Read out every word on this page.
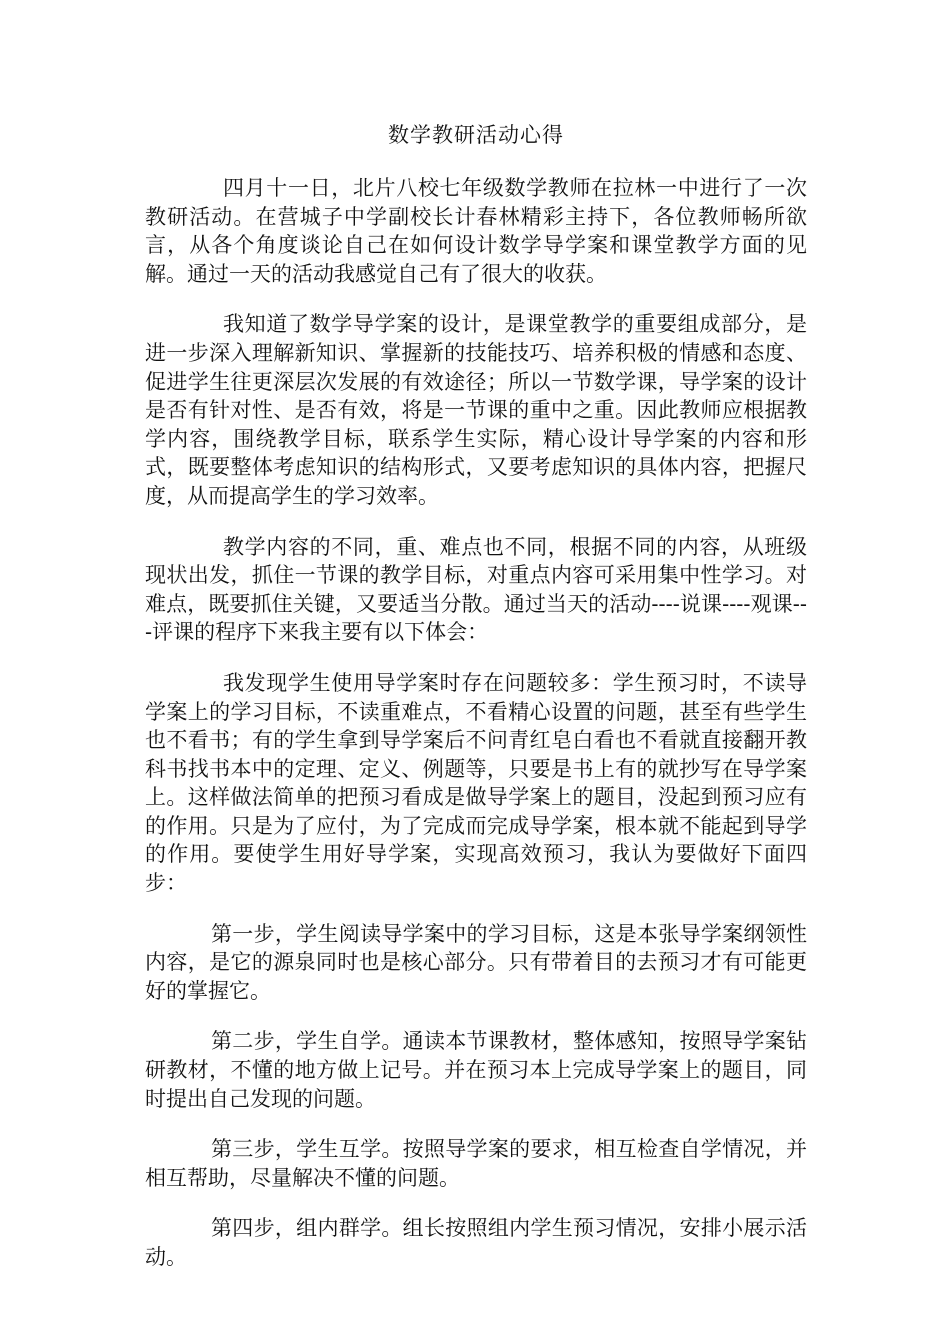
数学教研活动心得

四月十一日，北片八校七年级数学教师在拉林一中进行了一次教研活动。在营城子中学副校长计春林精彩主持下，各位教师畅所欲言，从各个角度谈论自己在如何设计数学导学案和课堂教学方面的见解。通过一天的活动我感觉自己有了很大的收获。

我知道了数学导学案的设计，是课堂教学的重要组成部分，是进一步深入理解新知识、掌握新的技能技巧、培养积极的情感和态度、促进学生往更深层次发展的有效途径；所以一节数学课，导学案的设计是否有针对性、是否有效，将是一节课的重中之重。因此教师应根据教学内容，围绕教学目标，联系学生实际，精心设计导学案的内容和形式，既要整体考虑知识的结构形式，又要考虑知识的具体内容，把握尺度，从而提高学生的学习效率。

教学内容的不同，重、难点也不同，根据不同的内容，从班级现状出发，抓住一节课的教学目标，对重点内容可采用集中性学习。对难点，既要抓住关键，又要适当分散。通过当天的活动----说课----观课---评课的程序下来我主要有以下体会：

我发现学生使用导学案时存在问题较多：学生预习时，不读导学案上的学习目标，不读重难点，不看精心设置的问题，甚至有些学生也不看书；有的学生拿到导学案后不问青红皂白看也不看就直接翻开教科书找书本中的定理、定义、例题等，只要是书上有的就抄写在导学案上。这样做法简单的把预习看成是做导学案上的题目，没起到预习应有的作用。只是为了应付，为了完成而完成导学案，根本就不能起到导学的作用。要使学生用好导学案，实现高效预习，我认为要做好下面四步：

第一步，学生阅读导学案中的学习目标，这是本张导学案纲领性内容，是它的源泉同时也是核心部分。只有带着目的去预习才有可能更好的掌握它。

第二步，学生自学。通读本节课教材，整体感知，按照导学案钻研教材，不懂的地方做上记号。并在预习本上完成导学案上的题目，同时提出自己发现的问题。

第三步，学生互学。按照导学案的要求，相互检查自学情况，并相互帮助，尽量解决不懂的问题。

第四步，组内群学。组长按照组内学生预习情况，安排小展示活动。
